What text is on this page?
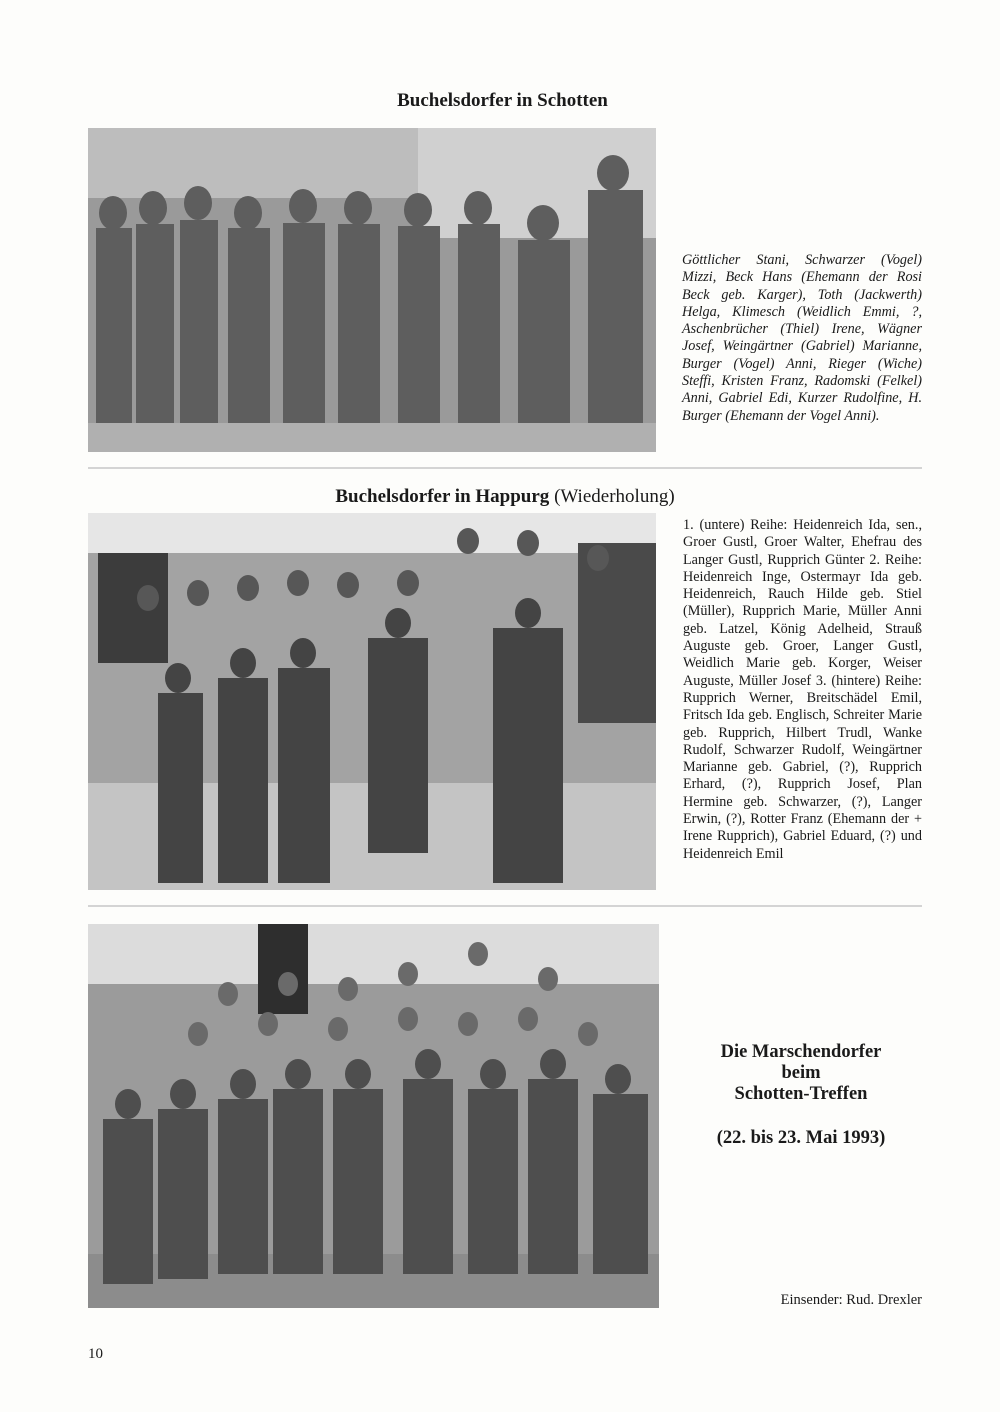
Buchelsdorfer in Schotten
Göttlicher Stani, Schwarzer (Vogel) Mizzi, Beck Hans (Ehemann der Rosi Beck geb. Karger), Toth (Jackwerth) Helga, Klimesch (Weidlich Emmi, ?, Aschenbrücher (Thiel) Irene, Wägner Josef, Weingärtner (Gabriel) Marianne, Burger (Vogel) Anni, Rieger (Wiche) Steffi, Kristen Franz, Radomski (Felkel) Anni, Gabriel Edi, Kurzer Rudolfine, H. Burger (Ehemann der Vogel Anni).
Buchelsdorfer in Happurg (Wiederholung)
1. (untere) Reihe: Heidenreich Ida, sen., Groer Gustl, Groer Walter, Ehefrau des Langer Gustl, Rupprich Günter 2. Reihe: Heidenreich Inge, Ostermayr Ida geb. Heidenreich, Rauch Hilde geb. Stiel (Müller), Rupprich Marie, Müller Anni geb. Latzel, König Adelheid, Strauß Auguste geb. Groer, Langer Gustl, Weidlich Marie geb. Korger, Weiser Auguste, Müller Josef 3. (hintere) Reihe: Rupprich Werner, Breitschädel Emil, Fritsch Ida geb. Englisch, Schreiter Marie geb. Rupprich, Hilbert Trudl, Wanke Rudolf, Schwarzer Rudolf, Weingärtner Marianne geb. Gabriel, (?), Rupprich Erhard, (?), Rupprich Josef, Plan Hermine geb. Schwarzer, (?), Langer Erwin, (?), Rotter Franz (Ehemann der + Irene Rupprich), Gabriel Eduard, (?) und Heidenreich Emil
Die Marschendorfer
beim
Schotten-Treffen
(22. bis 23. Mai 1993)
Einsender: Rud. Drexler
10
